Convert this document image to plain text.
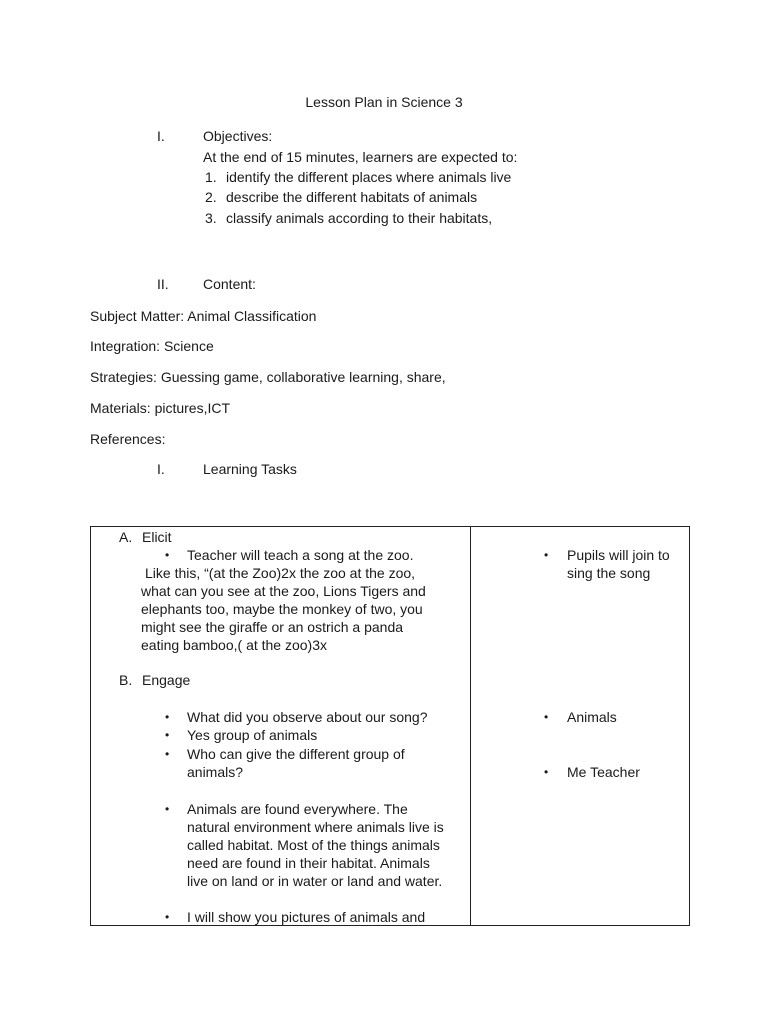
Lesson Plan in Science 3
I.	Objectives:
At the end of 15 minutes, learners are expected to:
1. identify the different places where animals live
2. describe the different habitats of animals
3. classify animals according to their habitats,
II. Content:
Subject Matter: Animal Classification
Integration: Science
Strategies: Guessing game, collaborative learning, share,
Materials: pictures,ICT
References:
I.	Learning Tasks
A. Elicit
• Teacher will teach a song at the zoo.
Like this, “(at the Zoo)2x the zoo at the zoo,
what can you see at the zoo, Lions Tigers and
elephants too, maybe the monkey of two, you
might see the giraffe or an ostrich a panda
eating bamboo,( at the zoo)3x
• Pupils will join to
sing the song
B. Engage
• What did you observe about our song?
• Yes group of animals
• Who can give the different group of
animals?
• Animals are found everywhere. The
natural environment where animals live is
called habitat. Most of the things animals
need are found in their habitat. Animals
live on land or in water or land and water.
• I will show you pictures of animals and
• Animals
• Me Teacher
